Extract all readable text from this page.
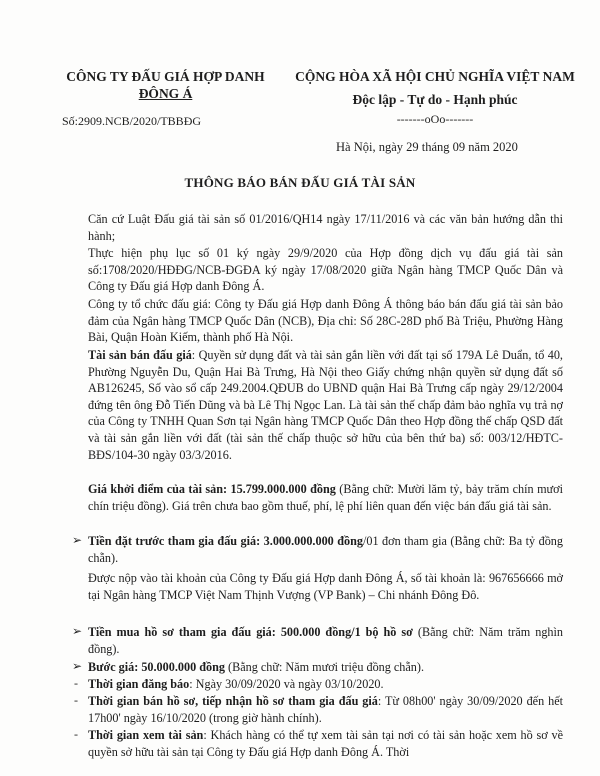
CÔNG TY ĐẤU GIÁ HỢP DANH
ĐÔNG Á
Số:2909.NCB/2020/TBBĐG
CỘNG HÒA XÃ HỘI CHỦ NGHĨA VIỆT NAM
Độc lập - Tự do - Hạnh phúc
-------oOo-------
Hà Nội, ngày 29 tháng 09 năm 2020
THÔNG BÁO BÁN ĐẤU GIÁ TÀI SẢN
Căn cứ Luật Đấu giá tài sản số 01/2016/QH14 ngày 17/11/2016 và các văn bản hướng dẫn thi hành;
Thực hiện phụ lục số 01 ký ngày 29/9/2020 của Hợp đồng dịch vụ đấu giá tài sản số:1708/2020/HĐĐG/NCB-ĐGĐA ký ngày 17/08/2020 giữa Ngân hàng TMCP Quốc Dân và Công ty Đấu giá Hợp danh Đông Á.
Công ty tổ chức đấu giá: Công ty Đấu giá Hợp danh Đông Á thông báo bán đấu giá tài sản bảo đảm của Ngân hàng TMCP Quốc Dân (NCB), Địa chỉ: Số 28C-28D phố Bà Triệu, Phường Hàng Bài, Quận Hoàn Kiếm, thành phố Hà Nội.
Tài sản bán đấu giá: Quyền sử dụng đất và tài sản gắn liền với đất tại số 179A Lê Duẩn, tổ 40, Phường Nguyễn Du, Quận Hai Bà Trưng, Hà Nội theo Giấy chứng nhận quyền sử dụng đất số AB126245, Số vào sổ cấp 249.2004.QĐUB do UBND quận Hai Bà Trưng cấp ngày 29/12/2004 đứng tên ông Đỗ Tiến Dũng và bà Lê Thị Ngọc Lan. Là tài sản thế chấp đảm bảo nghĩa vụ trả nợ của Công ty TNHH Quan Sơn tại Ngân hàng TMCP Quốc Dân theo Hợp đồng thế chấp QSD đất và tài sản gắn liền với đất (tài sản thế chấp thuộc sở hữu của bên thứ ba) số: 003/12/HĐTC-BĐS/104-30 ngày 03/3/2016.
Giá khởi điểm của tài sản: 15.799.000.000 đồng (Bằng chữ: Mười lăm tỷ, bảy trăm chín mươi chín triệu đồng). Giá trên chưa bao gồm thuế, phí, lệ phí liên quan đến việc bán đấu giá tài sản.
➢ Tiền đặt trước tham gia đấu giá: 3.000.000.000 đồng/01 đơn tham gia (Bằng chữ: Ba tỷ đồng chẵn).
Được nộp vào tài khoản của Công ty Đấu giá Hợp danh Đông Á, số tài khoản là: 967656666 mở tại Ngân hàng TMCP Việt Nam Thịnh Vượng (VP Bank) – Chi nhánh Đông Đô.
➢ Tiền mua hồ sơ tham gia đấu giá: 500.000 đồng/1 bộ hồ sơ (Bằng chữ: Năm trăm nghìn đồng).
➢ Bước giá: 50.000.000 đồng (Bằng chữ: Năm mươi triệu đồng chẵn).
- Thời gian đăng báo: Ngày 30/09/2020 và ngày 03/10/2020.
- Thời gian bán hồ sơ, tiếp nhận hồ sơ tham gia đấu giá: Từ 08h00' ngày 30/09/2020 đến hết 17h00' ngày 16/10/2020 (trong giờ hành chính).
- Thời gian xem tài sản: Khách hàng có thể tự xem tài sản tại nơi có tài sản hoặc xem hồ sơ về quyền sở hữu tài sản tại Công ty Đấu giá Hợp danh Đông Á. Thời
